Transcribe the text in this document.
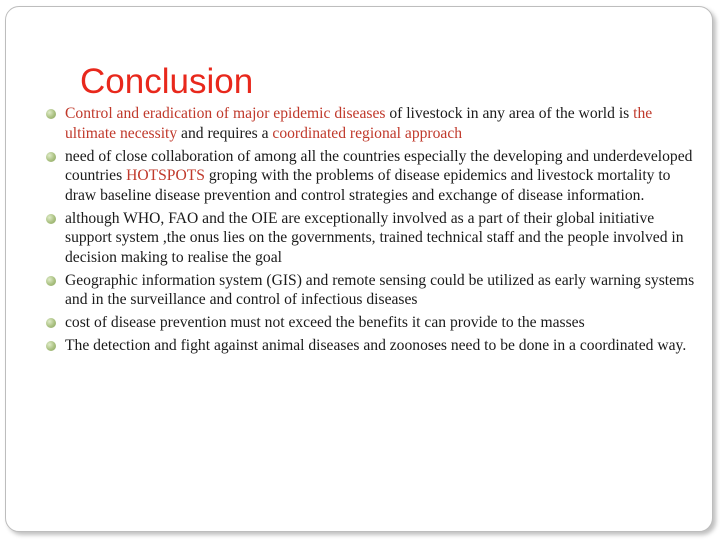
Conclusion
Control and eradication of major epidemic diseases of livestock in any area of the world is the ultimate necessity and requires a coordinated regional approach
need of close collaboration of among all the countries especially the developing and underdeveloped countries HOTSPOTS groping with the problems of disease epidemics and livestock mortality to draw baseline disease prevention and control strategies and exchange of disease information.
although WHO, FAO and the OIE are exceptionally involved as a part of their global initiative support system ,the onus lies on the governments, trained technical staff and the people involved in decision making to realise the goal
Geographic information system (GIS) and remote sensing could be utilized as early warning systems and in the surveillance and control of infectious diseases
cost of disease prevention must not exceed the benefits it can provide to the masses
The detection and fight against animal diseases and zoonoses need to be done in a coordinated way.
